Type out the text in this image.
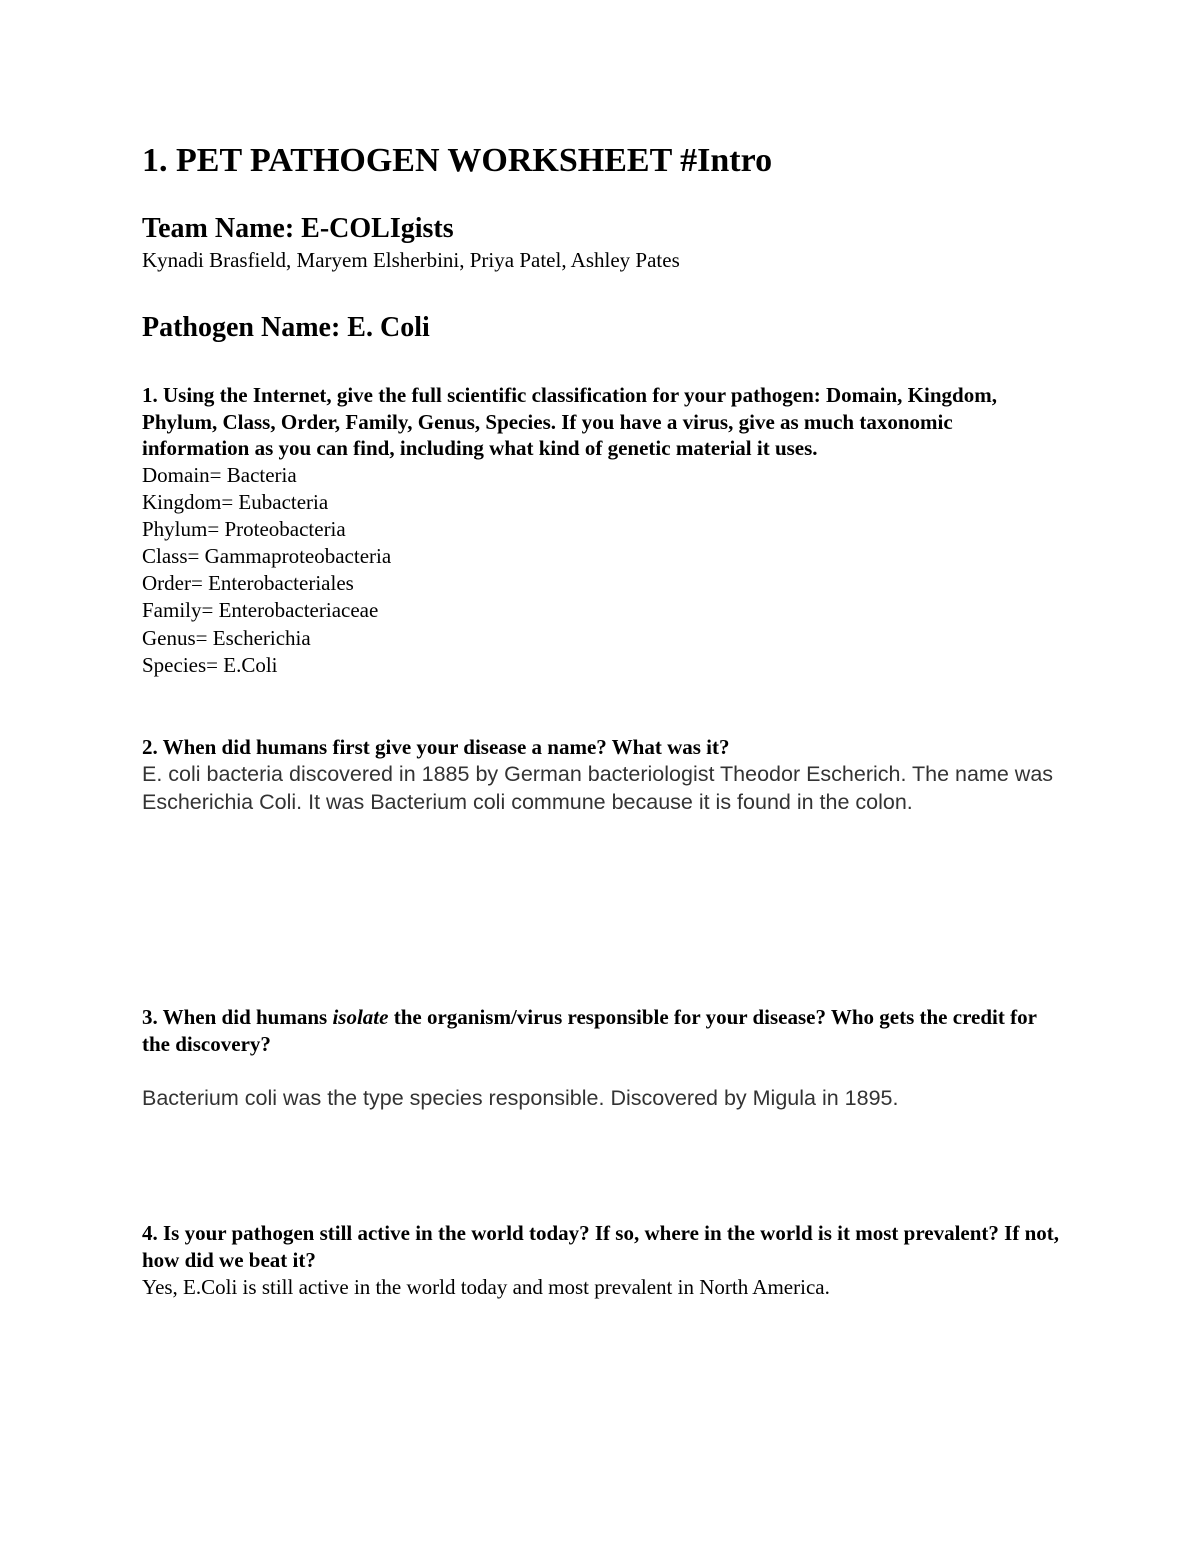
1. PET PATHOGEN WORKSHEET #Intro
Team Name: E-COLIgists
Kynadi Brasfield, Maryem Elsherbini, Priya Patel, Ashley Pates
Pathogen Name: E. Coli
1. Using the Internet, give the full scientific classification for your pathogen: Domain, Kingdom, Phylum, Class, Order, Family, Genus, Species. If you have a virus, give as much taxonomic information as you can find, including what kind of genetic material it uses.
Domain= Bacteria
Kingdom= Eubacteria
Phylum= Proteobacteria
Class= Gammaproteobacteria
Order= Enterobacteriales
Family= Enterobacteriaceae
Genus= Escherichia
Species= E.Coli
2. When did humans first give your disease a name? What was it?
E. coli bacteria discovered in 1885 by German bacteriologist Theodor Escherich. The name was Escherichia Coli. It was Bacterium coli commune because it is found in the colon.
3. When did humans isolate the organism/virus responsible for your disease? Who gets the credit for the discovery?
Bacterium coli was the type species responsible. Discovered by Migula in 1895.
4. Is your pathogen still active in the world today? If so, where in the world is it most prevalent? If not, how did we beat it?
Yes, E.Coli is still active in the world today and most prevalent in North America.
